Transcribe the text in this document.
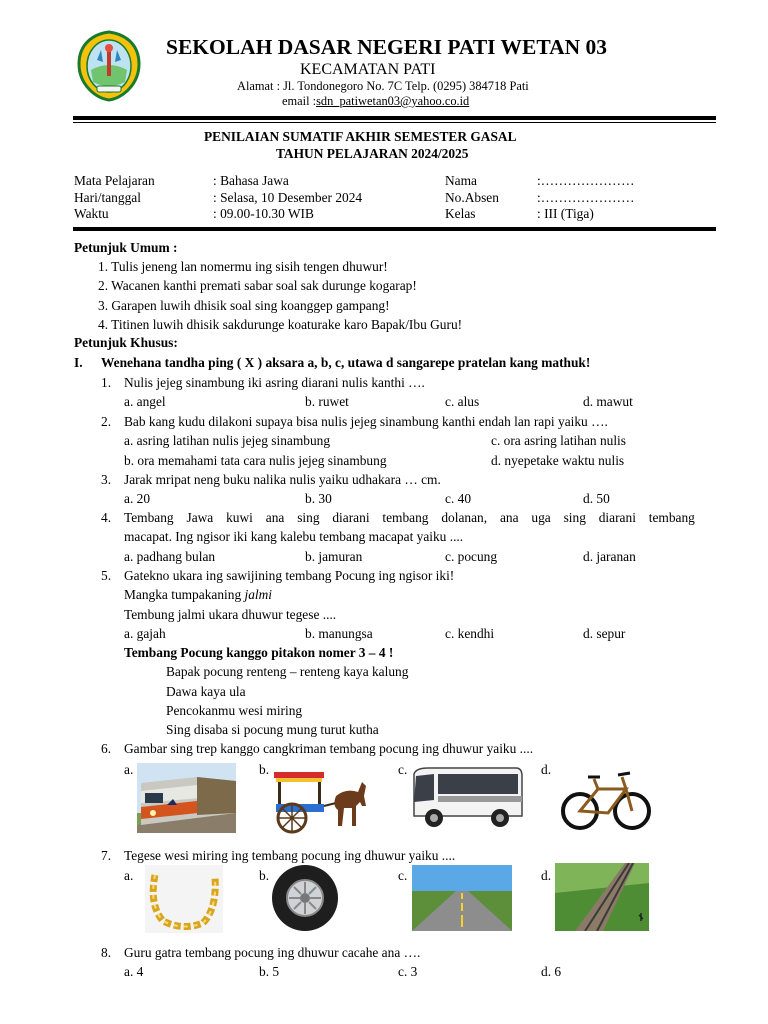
SEKOLAH DASAR NEGERI PATI WETAN 03
KECAMATAN PATI
Alamat : Jl. Tondonegoro No. 7C Telp. (0295) 384718 Pati
email :sdn_patiwetan03@yahoo.co.id
PENILAIAN SUMATIF AKHIR SEMESTER GASAL
TAHUN PELAJARAN 2024/2025
Mata Pelajaran	: Bahasa Jawa
Hari/tanggal	: Selasa, 10 Desember 2024
Waktu	: 09.00-10.30 WIB
Nama	:…………………
No.Absen	:…………………
Kelas	: III (Tiga)
Petunjuk Umum :
1. Tulis jeneng lan nomermu ing sisih tengen dhuwur!
2. Wacanen kanthi premati sabar soal sak durunge kogarap!
3. Garapen luwih dhisik soal sing koanggep gampang!
4. Titinen luwih dhisik sakdurunge koaturake karo Bapak/Ibu Guru!
Petunjuk Khusus:
I. Wenehana tandha ping ( X ) aksara a, b, c, utawa d sangarepe pratelan kang mathuk!
1. Nulis jejeg sinambung iki asring diarani nulis kanthi ….
a. angel	b. ruwet	c. alus	d. mawut
2. Bab kang kudu dilakoni supaya bisa nulis jejeg sinambung kanthi endah lan rapi yaiku ….
a. asring latihan nulis jejeg sinambung	c. ora asring latihan nulis
b. ora memahami tata cara nulis jejeg sinambung	d. nyepetake waktu nulis
3. Jarak mripat neng buku nalika nulis yaiku udhakara … cm.
a. 20	b. 30	c. 40	d. 50
4. Tembang Jawa kuwi ana sing diarani tembang dolanan, ana uga sing diarani tembang
macapat. Ing ngisor iki kang kalebu tembang macapat yaiku ....
a. padhang bulan	b. jamuran	c. pocung	d. jaranan
5. Gatekno ukara ing sawijining tembang Pocung ing ngisor iki!
Mangka tumpakaning jalmi
Tembung jalmi ukara dhuwur tegese ....
a. gajah	b. manungsa	c. kendhi	d. sepur
Tembang Pocung kanggo pitakon nomer 3 – 4 !
Bapak pocung renteng – renteng kaya kalung
Dawa kaya ula
Pencokanmu wesi miring
Sing disaba si pocung mung turut kutha
6. Gambar sing trep kanggo cangkriman tembang pocung ing dhuwur yaiku ....
a.	b.	c.	d.
7. Tegese wesi miring ing tembang pocung ing dhuwur yaiku ....
a.	b.	c.	d.
8. Guru gatra tembang pocung ing dhuwur cacahe ana ….
a. 4	b. 5	c. 3	d. 6
